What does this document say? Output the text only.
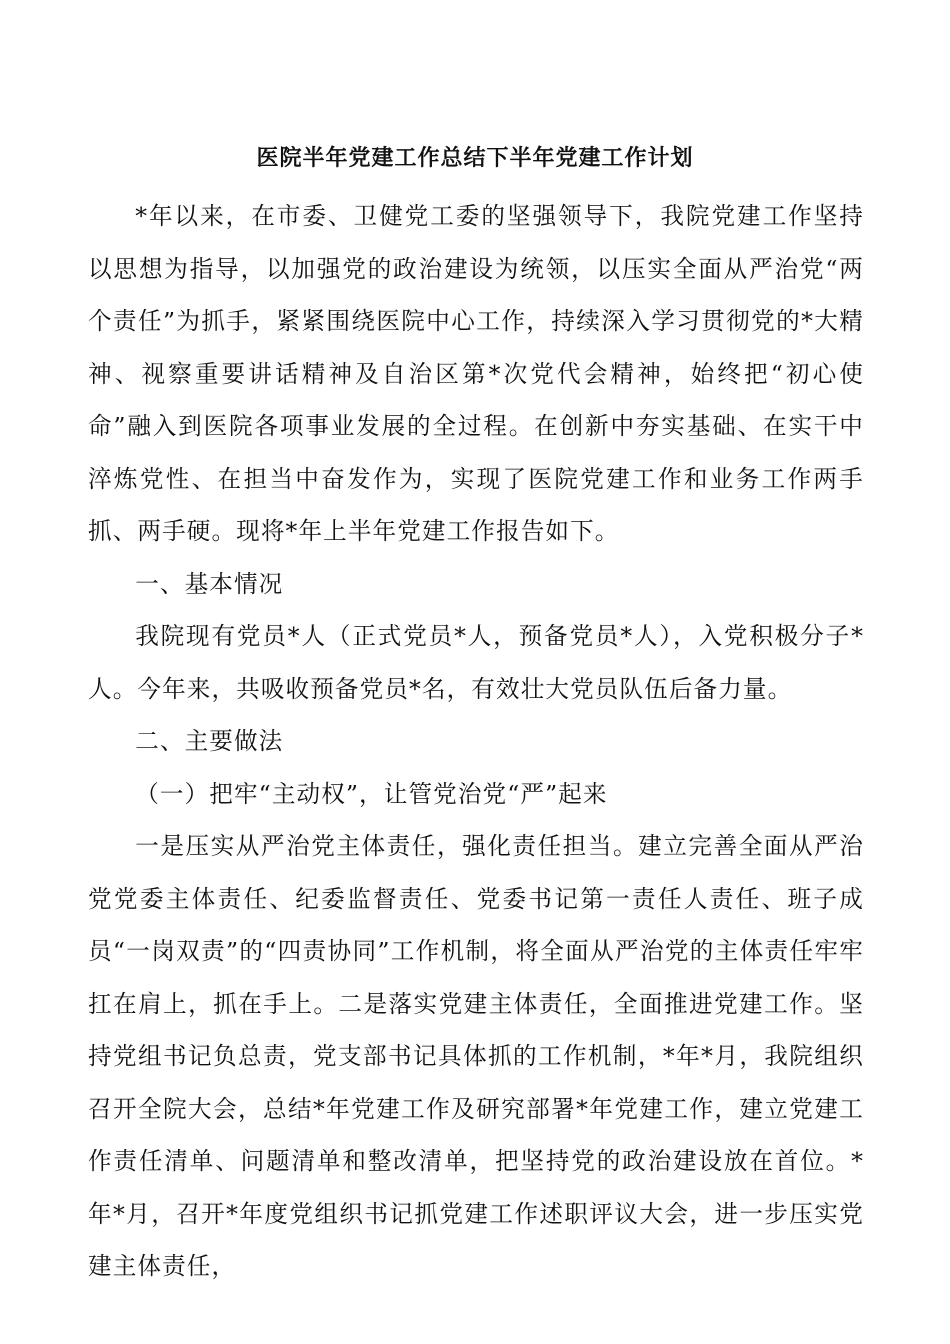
医院半年党建工作总结下半年党建工作计划

*年以来，在市委、卫健党工委的坚强领导下，我院党建工作坚持以思想为指导，以加强党的政治建设为统领，以压实全面从严治党“两个责任”为抓手，紧紧围绕医院中心工作，持续深入学习贯彻党的*大精神、视察重要讲话精神及自治区第*次党代会精神，始终把“初心使命”融入到医院各项事业发展的全过程。在创新中夯实基础、在实干中淬炼党性、在担当中奋发作为，实现了医院党建工作和业务工作两手抓、两手硬。现将*年上半年党建工作报告如下。

一、基本情况

我院现有党员*人（正式党员*人，预备党员*人），入党积极分子*人。今年来，共吸收预备党员*名，有效壮大党员队伍后备力量。

二、主要做法

（一）把牢“主动权”，让管党治党“严”起来

一是压实从严治党主体责任，强化责任担当。建立完善全面从严治党党委主体责任、纪委监督责任、党委书记第一责任人责任、班子成员“一岗双责”的“四责协同”工作机制，将全面从严治党的主体责任牢牢扛在肩上，抓在手上。二是落实党建主体责任，全面推进党建工作。坚持党组书记负总责，党支部书记具体抓的工作机制，*年*月，我院组织召开全院大会，总结*年党建工作及研究部署*年党建工作，建立党建工作责任清单、问题清单和整改清单，把坚持党的政治建设放在首位。*年*月，召开*年度党组织书记抓党建工作述职评议大会，进一步压实党建主体责任，
